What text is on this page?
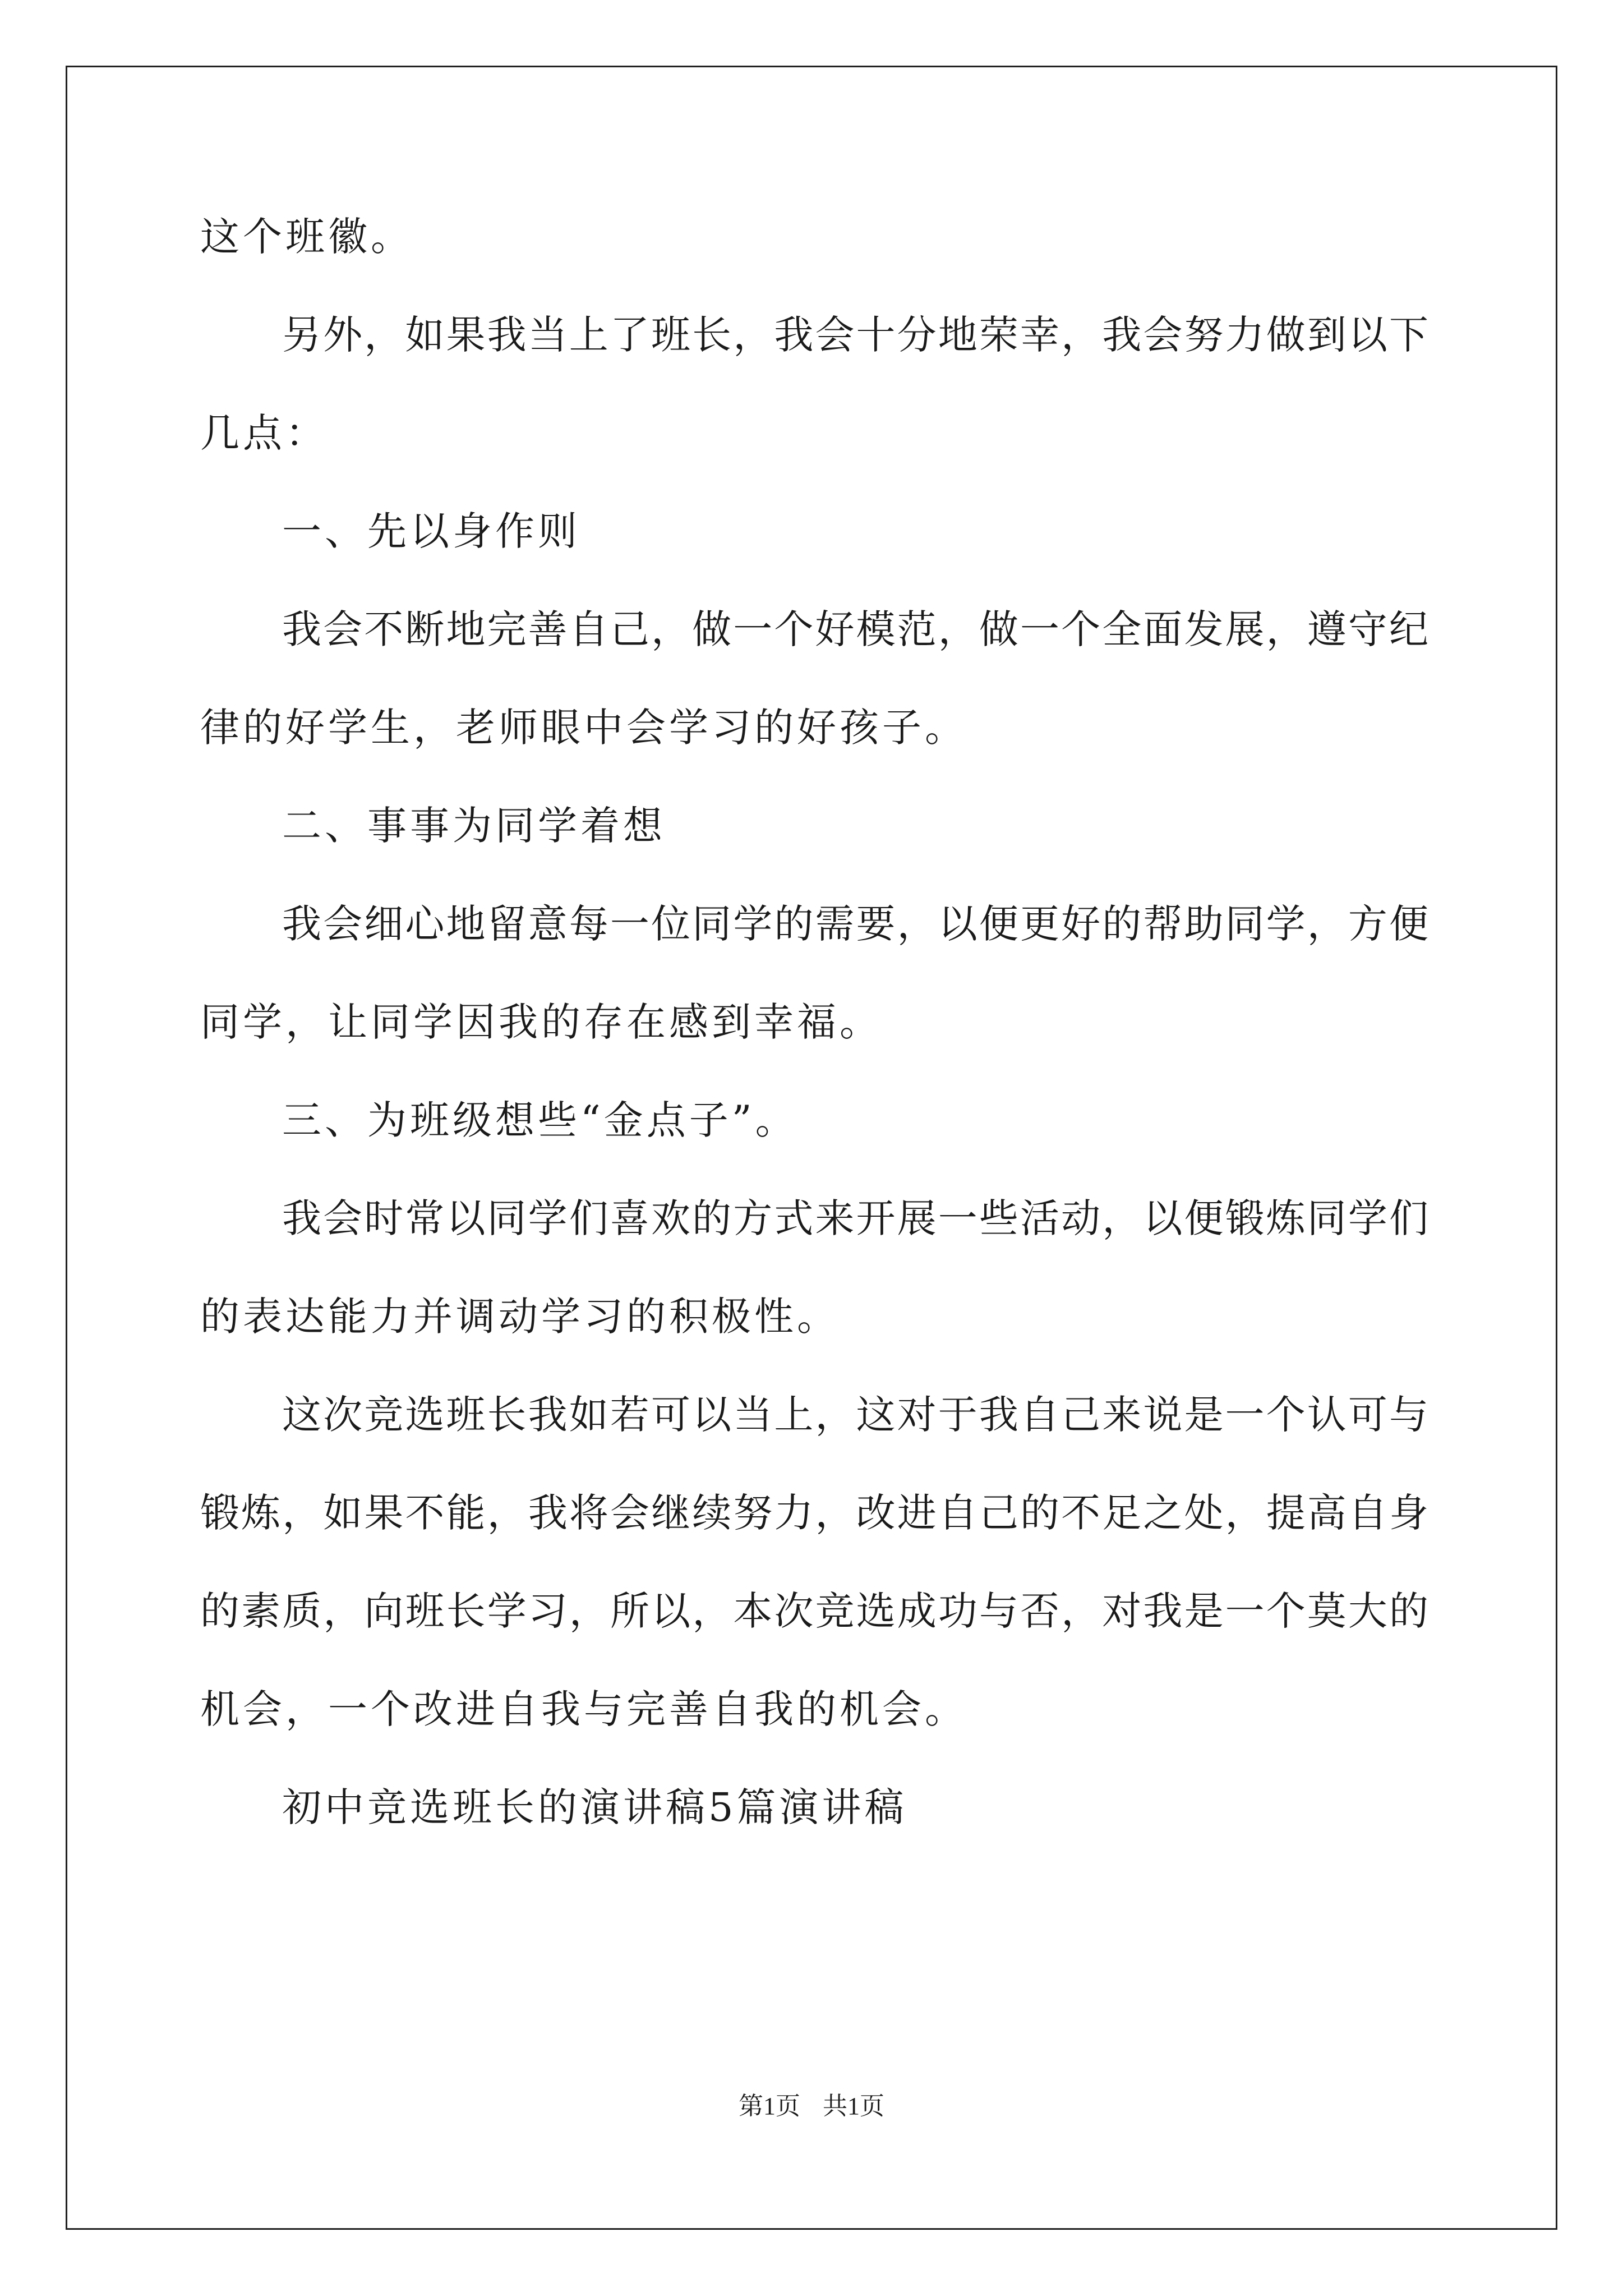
这个班徽。
另外，如果我当上了班长，我会十分地荣幸，我会努力做到以下
几点：
一、先以身作则
我会不断地完善自己，做一个好模范，做一个全面发展，遵守纪
律的好学生，老师眼中会学习的好孩子。
二、事事为同学着想
我会细心地留意每一位同学的需要，以便更好的帮助同学，方便
同学，让同学因我的存在感到幸福。
三、为班级想些“金点子”。
我会时常以同学们喜欢的方式来开展一些活动，以便锻炼同学们
的表达能力并调动学习的积极性。
这次竞选班长我如若可以当上，这对于我自己来说是一个认可与
锻炼，如果不能，我将会继续努力，改进自己的不足之处，提高自身
的素质，向班长学习，所以，本次竞选成功与否，对我是一个莫大的
机会，一个改进自我与完善自我的机会。
初中竞选班长的演讲稿5篇演讲稿
第1页 共1页
